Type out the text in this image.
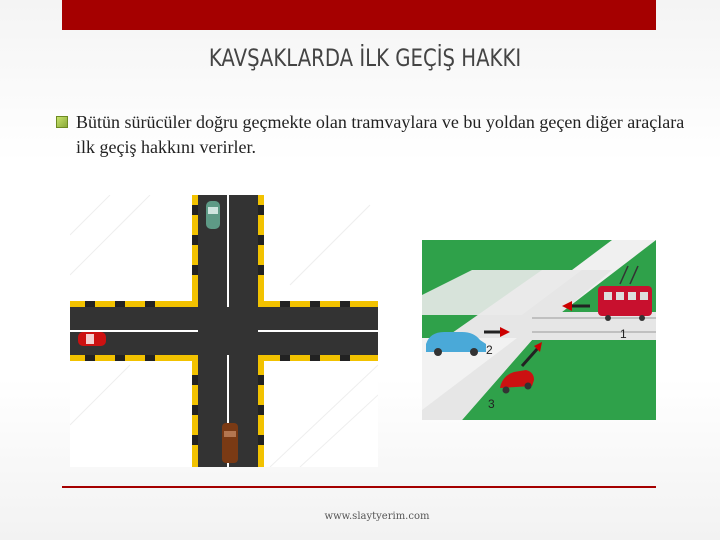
KAVŞAKLARDA İLK GEÇİŞ HAKKI
Bütün sürücüler doğru geçmekte olan tramvaylara ve bu yoldan geçen diğer araçlara ilk geçiş hakkını verirler.
1
2
3
www.slaytyerim.com
